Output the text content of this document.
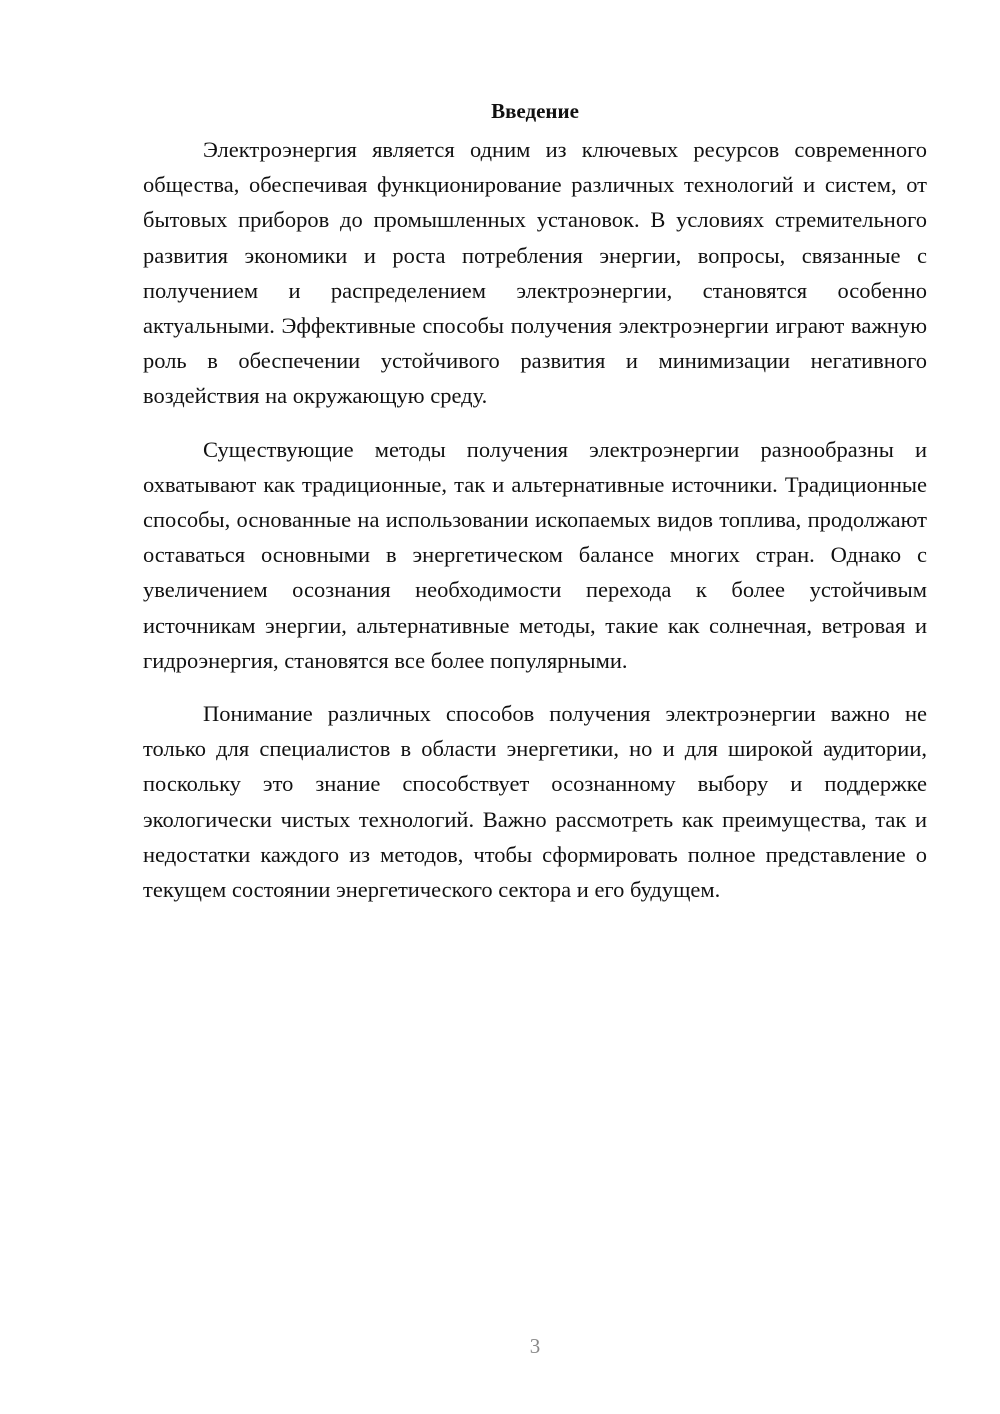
Введение

Электроэнергия является одним из ключевых ресурсов современного общества, обеспечивая функционирование различных технологий и систем, от бытовых приборов до промышленных установок. В условиях стремительного развития экономики и роста потребления энергии, вопросы, связанные с получением и распределением электроэнергии, становятся особенно актуальными. Эффективные способы получения электроэнергии играют важную роль в обеспечении устойчивого развития и минимизации негативного воздействия на окружающую среду.

Существующие методы получения электроэнергии разнообразны и охватывают как традиционные, так и альтернативные источники. Традиционные способы, основанные на использовании ископаемых видов топлива, продолжают оставаться основными в энергетическом балансе многих стран. Однако с увеличением осознания необходимости перехода к более устойчивым источникам энергии, альтернативные методы, такие как солнечная, ветровая и гидроэнергия, становятся все более популярными.

Понимание различных способов получения электроэнергии важно не только для специалистов в области энергетики, но и для широкой аудитории, поскольку это знание способствует осознанному выбору и поддержке экологически чистых технологий. Важно рассмотреть как преимущества, так и недостатки каждого из методов, чтобы сформировать полное представление о текущем состоянии энергетического сектора и его будущем.

3
